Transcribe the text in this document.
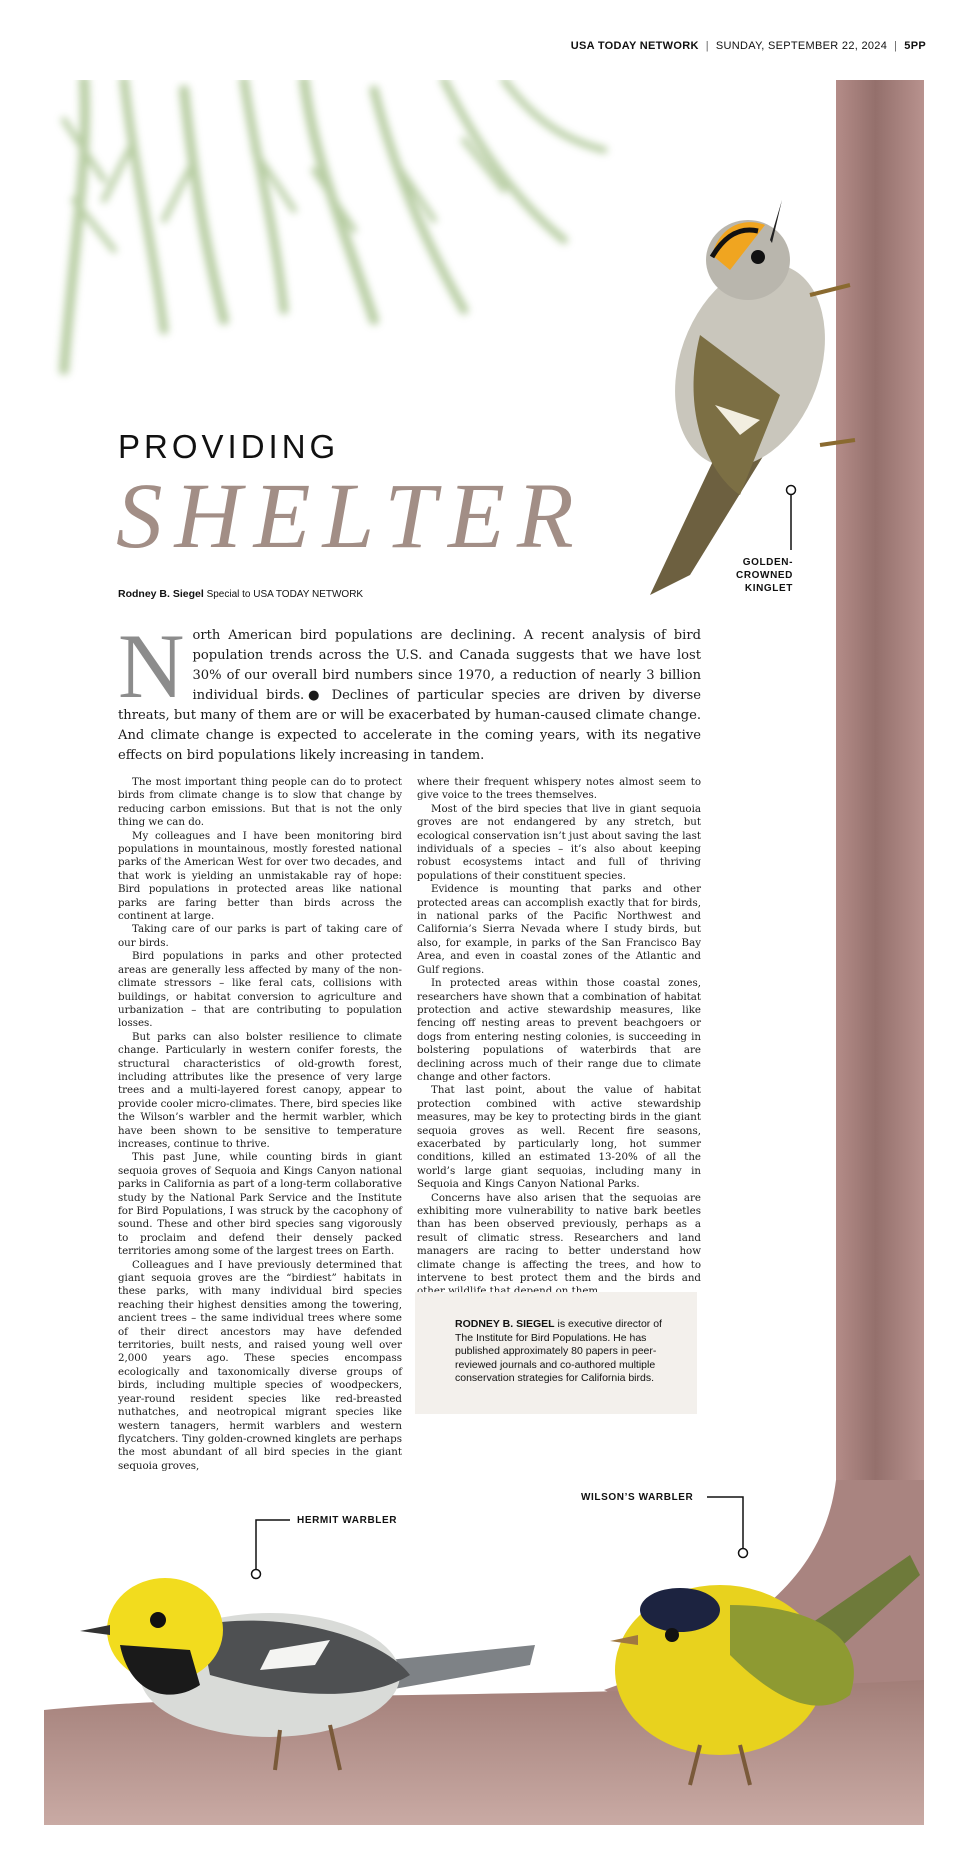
USA TODAY NETWORK | SUNDAY, SEPTEMBER 22, 2024 | 5PP
GOLDEN-
CROWNED
KINGLET
PROVIDING
SHELTER
Rodney B. Siegel Special to USA TODAY NETWORK
North American bird populations are declining. A recent analysis of bird population trends across the U.S. and Canada suggests that we have lost 30% of our overall bird numbers since 1970, a reduction of nearly 3 billion individual birds.● Declines of particular species are driven by diverse threats, but many of them are or will be exacerbated by human-caused climate change. And climate change is expected to accelerate in the coming years, with its negative effects on bird populations likely increasing in tandem.

The most important thing people can do to protect birds from climate change is to slow that change by reducing carbon emissions. But that is not the only thing we can do.

My colleagues and I have been monitoring bird populations in mountainous, mostly forested national parks of the American West for over two decades, and that work is yielding an unmistakable ray of hope: Bird populations in protected areas like national parks are faring better than birds across the continent at large.

Taking care of our parks is part of taking care of our birds.

Bird populations in parks and other protected areas are generally less affected by many of the non-climate stressors – like feral cats, collisions with buildings, or habitat conversion to agriculture and urbanization – that are contributing to population losses.

But parks can also bolster resilience to climate change. Particularly in western conifer forests, the structural characteristics of old-growth forest, including attributes like the presence of very large trees and a multi-layered forest canopy, appear to provide cooler micro-climates. There, bird species like the Wilson’s warbler and the hermit warbler, which have been shown to be sensitive to temperature increases, continue to thrive.

This past June, while counting birds in giant sequoia groves of Sequoia and Kings Canyon national parks in California as part of a long-term collaborative study by the National Park Service and the Institute for Bird Populations, I was struck by the cacophony of sound. These and other bird species sang vigorously to proclaim and defend their densely packed territories among some of the largest trees on Earth.

Colleagues and I have previously determined that giant sequoia groves are the “birdiest” habitats in these parks, with many individual bird species reaching their highest densities among the towering, ancient trees – the same individual trees where some of their direct ancestors may have defended territories, built nests, and raised young well over 2,000 years ago. These species encompass ecologically and taxonomically diverse groups of birds, including multiple species of woodpeckers, year-round resident species like red-breasted nuthatches, and neotropical migrant species like western tanagers, hermit warblers and western flycatchers. Tiny golden-crowned kinglets are perhaps the most abundant of all bird species in the giant sequoia groves,

where their frequent whispery notes almost seem to give voice to the trees themselves.

Most of the bird species that live in giant sequoia groves are not endangered by any stretch, but ecological conservation isn’t just about saving the last individuals of a species – it’s also about keeping robust ecosystems intact and full of thriving populations of their constituent species.

Evidence is mounting that parks and other protected areas can accomplish exactly that for birds, in national parks of the Pacific Northwest and California’s Sierra Nevada where I study birds, but also, for example, in parks of the San Francisco Bay Area, and even in coastal zones of the Atlantic and Gulf regions.

In protected areas within those coastal zones, researchers have shown that a combination of habitat protection and active stewardship measures, like fencing off nesting areas to prevent beachgoers or dogs from entering nesting colonies, is succeeding in bolstering populations of waterbirds that are declining across much of their range due to climate change and other factors.

That last point, about the value of habitat protection combined with active stewardship measures, may be key to protecting birds in the giant sequoia groves as well. Recent fire seasons, exacerbated by particularly long, hot summer conditions, killed an estimated 13-20% of all the world’s large giant sequoias, including many in Sequoia and Kings Canyon National Parks.

Concerns have also arisen that the sequoias are exhibiting more vulnerability to native bark beetles than has been observed previously, perhaps as a result of climatic stress. Researchers and land managers are racing to better understand how climate change is affecting the trees, and how to intervene to best protect them and the birds and

RODNEY B. SIEGEL is executive director of The Institute for Bird Populations. He has published approximately 80 papers in peer-reviewed journals and co-authored multiple conservation strategies for California birds.
HERMIT WARBLER
WILSON’S WARBLER
